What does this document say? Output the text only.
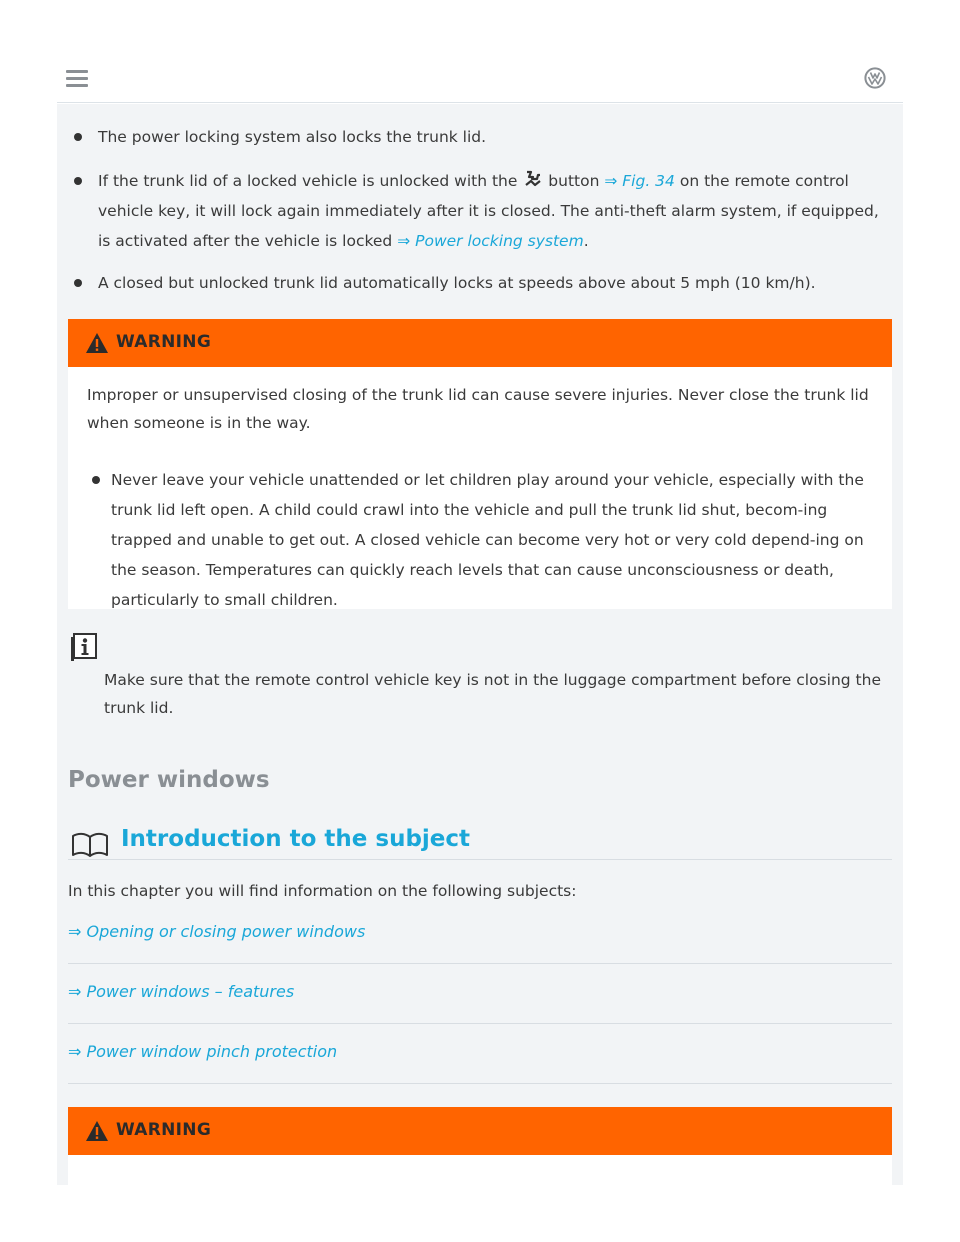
The power locking system also locks the trunk lid.
If the trunk lid of a locked vehicle is unlocked with the button ⇒ Fig. 34 on the remote control vehicle key, it will lock again immediately after it is closed. The anti-theft alarm system, if equipped, is activated after the vehicle is locked ⇒ Power locking system.
A closed but unlocked trunk lid automatically locks at speeds above about 5 mph (10 km/h).
WARNING
Improper or unsupervised closing of the trunk lid can cause severe injuries. Never close the trunk lid when someone is in the way.
Never leave your vehicle unattended or let children play around your vehicle, especially with the trunk lid left open. A child could crawl into the vehicle and pull the trunk lid shut, becom-ing trapped and unable to get out. A closed vehicle can become very hot or very cold depend-ing on the season. Temperatures can quickly reach levels that can cause unconsciousness or death, particularly to small children.
Make sure that the remote control vehicle key is not in the luggage compartment before closing the trunk lid.
Power windows
Introduction to the subject
In this chapter you will find information on the following subjects:
⇒ Opening or closing power windows
⇒ Power windows – features
⇒ Power window pinch protection
WARNING
